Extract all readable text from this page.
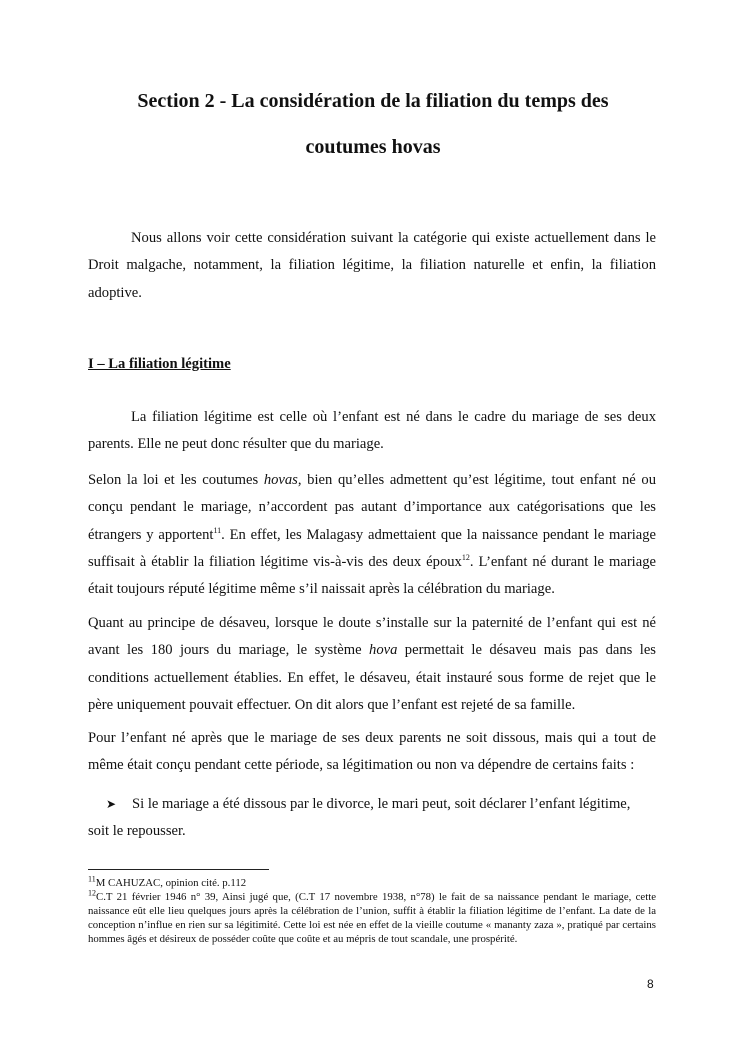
Section 2 - La considération de la filiation du temps des
coutumes hovas

Nous allons voir cette considération suivant la catégorie qui existe actuellement dans le Droit malgache, notamment, la filiation légitime, la filiation naturelle et enfin, la filiation adoptive.

I – La filiation légitime

La filiation légitime est celle où l’enfant est né dans le cadre du mariage de ses deux parents. Elle ne peut donc résulter que du mariage.

Selon la loi et les coutumes hovas, bien qu’elles admettent qu’est légitime, tout enfant né ou conçu pendant le mariage, n’accordent pas autant d’importance aux catégorisations que les étrangers y apportent$^{11}$. En effet, les Malagasy admettaient que la naissance pendant le mariage suffisait à établir la filiation légitime vis-à-vis des deux époux$^{12}$. L’enfant né durant le mariage était toujours réputé légitime même s’il naissait après la célébration du mariage.

Quant au principe de désaveu, lorsque le doute s’installe sur la paternité de l’enfant qui est né avant les 180 jours du mariage, le système hova permettait le désaveu mais pas dans les conditions actuellement établies. En effet, le désaveu, était instauré sous forme de rejet que le père uniquement pouvait effectuer. On dit alors que l’enfant est rejeté de sa famille.

Pour l’enfant né après que le mariage de ses deux parents ne soit dissous, mais qui a tout de même était conçu pendant cette période, sa légitimation ou non va dépendre de certains faits :

➤ Si le mariage a été dissous par le divorce, le mari peut, soit déclarer l’enfant légitime,
soit le repousser.

$^{11}$M CAHUZAC, opinion cité. p.112

$^{12}$C.T 21 février 1946 n° 39, Ainsi jugé que, (C.T 17 novembre 1938, n°78) le fait de sa naissance pendant le mariage, cette naissance eût elle lieu quelques jours après la célébration de l’union, suffit à établir la filiation légitime de l’enfant. La date de la conception n’influe en rien sur sa légitimité. Cette loi est née en effet de la vieille coutume « mananty zaza », pratiqué par certains hommes âgés et désireux de posséder coûte que coûte et au mépris de tout scandale, une prospérité.

8
